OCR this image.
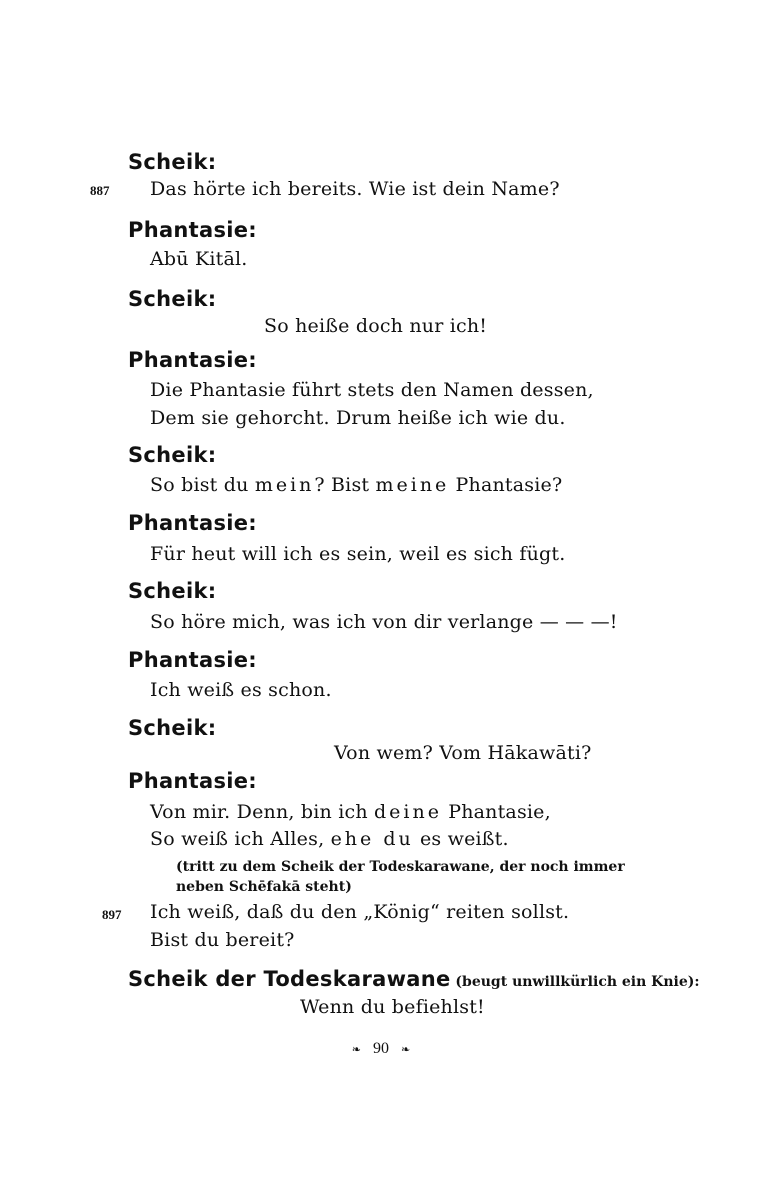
Scheik:
887 Das hörte ich bereits. Wie ist dein Name?
Phantasie:
Abū Kitāl.
Scheik:
So heiße doch nur ich!
Phantasie:
Die Phantasie führt stets den Namen dessen,
Dem sie gehorcht. Drum heiße ich wie du.
Scheik:
So bist du mein? Bist meine Phantasie?
Phantasie:
Für heut will ich es sein, weil es sich fügt.
Scheik:
So höre mich, was ich von dir verlange — — —!
Phantasie:
Ich weiß es schon.
Scheik:
Von wem? Vom Hākawāti?
Phantasie:
Von mir. Denn, bin ich deine Phantasie,
So weiß ich Alles, ehe du es weißt.
(tritt zu dem Scheik der Todeskarawane, der noch immer neben Schēfakā steht)
897 Ich weiß, daß du den „König“ reiten sollst.
Bist du bereit?
Scheik der Todeskarawane (beugt unwillkürlich ein Knie):
Wenn du befiehlst!
❧ 90 ❧
